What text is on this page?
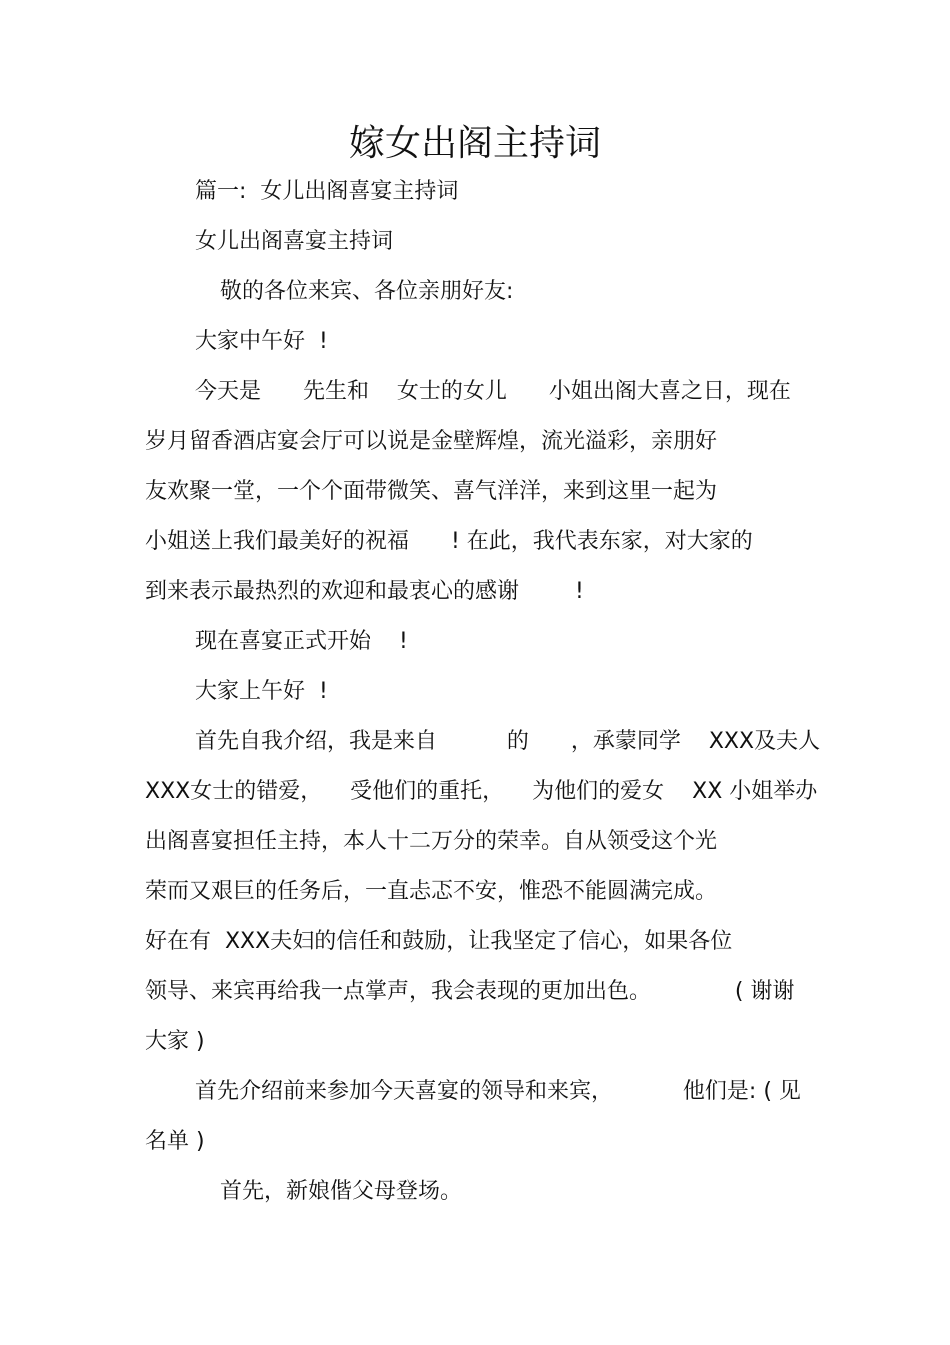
嫁女出阁主持词
篇一:  女儿出阁喜宴主持词
女儿出阁喜宴主持词
敬的各位来宾、各位亲朋好友:
大家中午好  !
今天是      先生和    女士的女儿      小姐出阁大喜之日，现在
岁月留香酒店宴会厅可以说是金壁辉煌，流光溢彩，亲朋好
友欢聚一堂，一个个面带微笑、喜气洋洋，来到这里一起为
小姐送上我们最美好的祝福      ! 在此，我代表东家，对大家的
到来表示最热烈的欢迎和最衷心的感谢        !
现在喜宴正式开始    !
大家上午好  !
首先自我介绍，我是来自          的      ，承蒙同学    XXX及夫人
XXX女士的错爱，    受他们的重托，    为他们的爱女    XX 小姐举办
出阁喜宴担任主持，本人十二万分的荣幸。自从领受这个光
荣而又艰巨的任务后，一直忐忑不安，惟恐不能圆满完成。
好在有  XXX夫妇的信任和鼓励，让我坚定了信心，如果各位
领导、来宾再给我一点掌声，我会表现的更加出色。            ( 谢谢
大家 )
首先介绍前来参加今天喜宴的领导和来宾，          他们是: ( 见
名单 )
首先，新娘偕父母登场。
